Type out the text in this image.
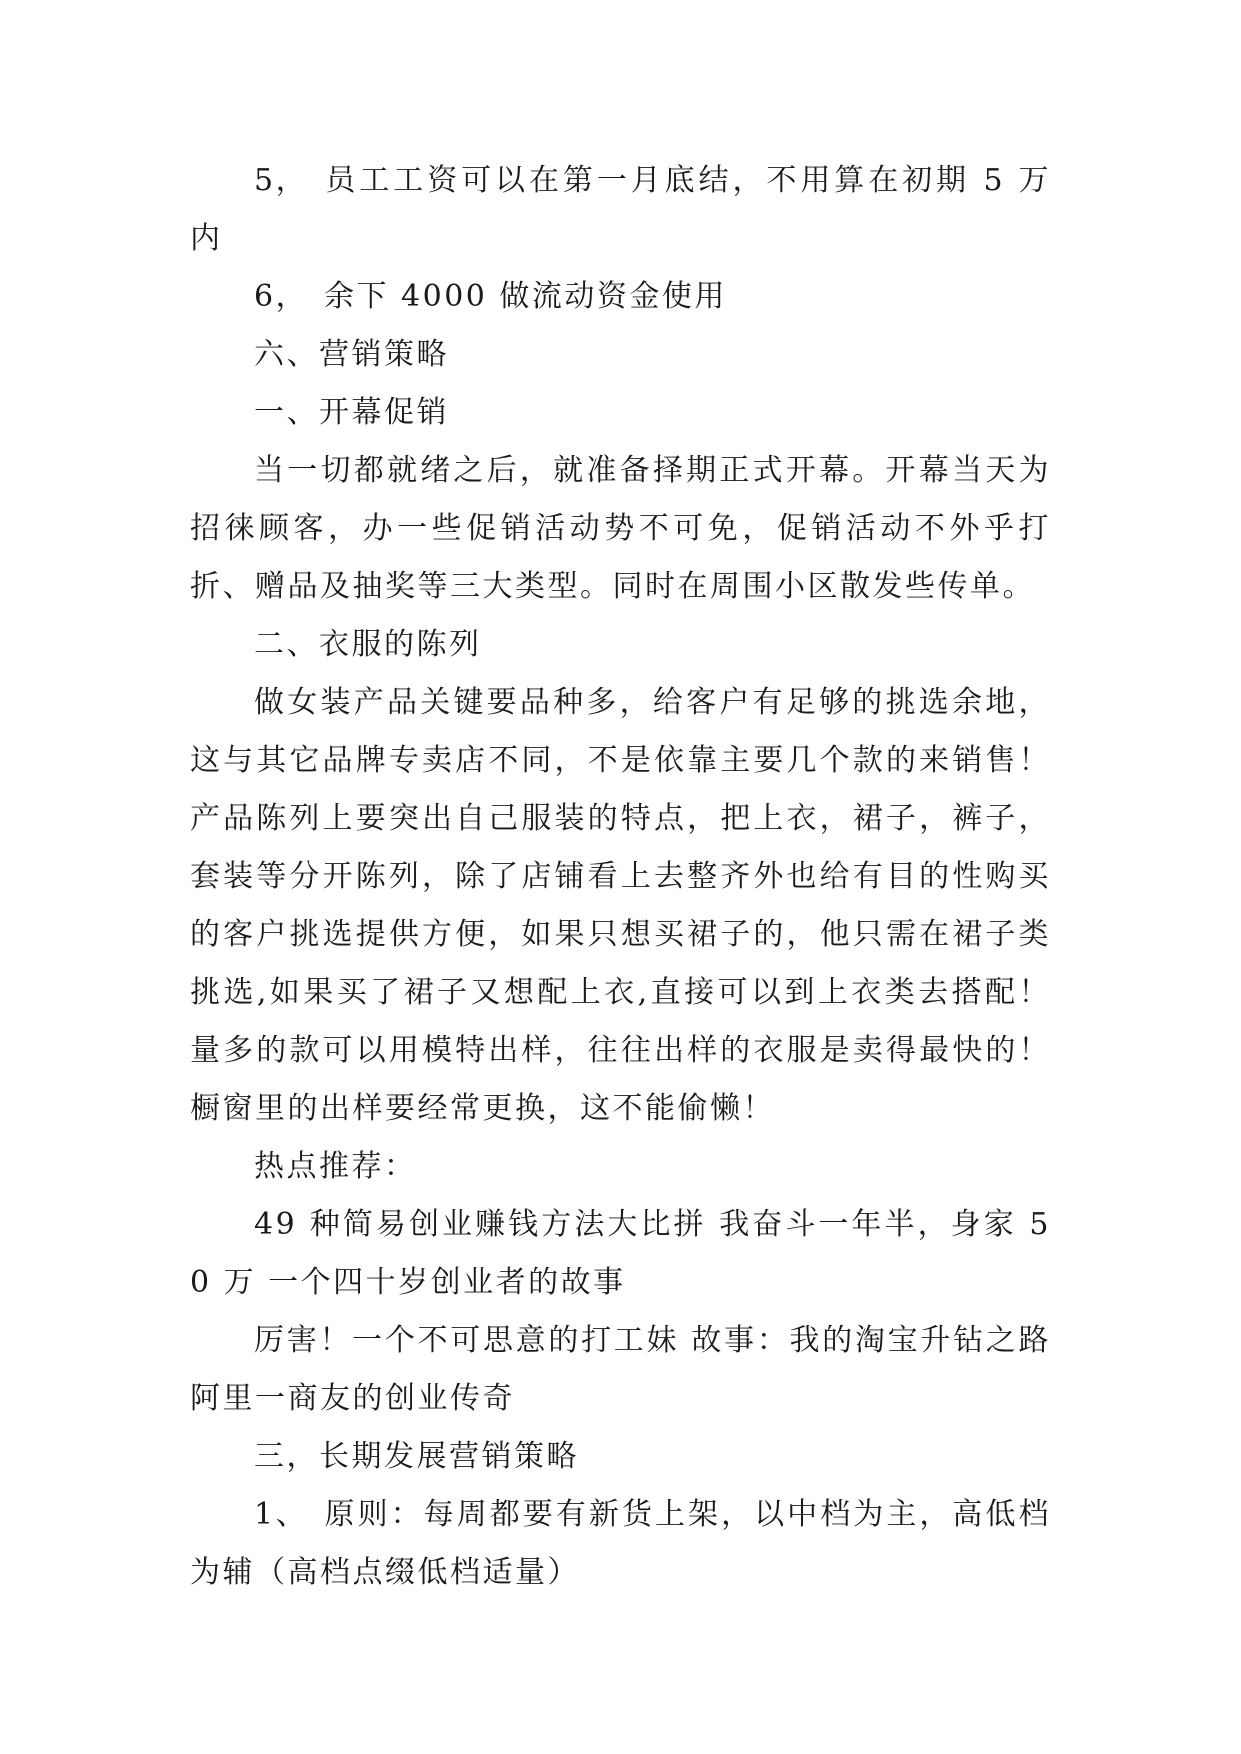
5， 员工工资可以在第一月底结，不用算在初期 5 万内

6， 余下 4000 做流动资金使用

六、营销策略

一、开幕促销

当一切都就绪之后，就准备择期正式开幕。开幕当天为招徕顾客，办一些促销活动势不可免，促销活动不外乎打折、赠品及抽奖等三大类型。同时在周围小区散发些传单。

二、衣服的陈列

做女装产品关键要品种多，给客户有足够的挑选余地，这与其它品牌专卖店不同，不是依靠主要几个款的来销售！产品陈列上要突出自己服装的特点，把上衣，裙子，裤子，套装等分开陈列，除了店铺看上去整齐外也给有目的性购买的客户挑选提供方便，如果只想买裙子的，他只需在裙子类挑选,如果买了裙子又想配上衣,直接可以到上衣类去搭配！量多的款可以用模特出样，往往出样的衣服是卖得最快的！橱窗里的出样要经常更换，这不能偷懒！

热点推荐：

49 种简易创业赚钱方法大比拼 我奋斗一年半，身家 50 万 一个四十岁创业者的故事

厉害！一个不可思意的打工妹 故事：我的淘宝升钻之路 阿里一商友的创业传奇

三，长期发展营销策略

1、 原则：每周都要有新货上架，以中档为主，高低档为辅（高档点缀低档适量）
